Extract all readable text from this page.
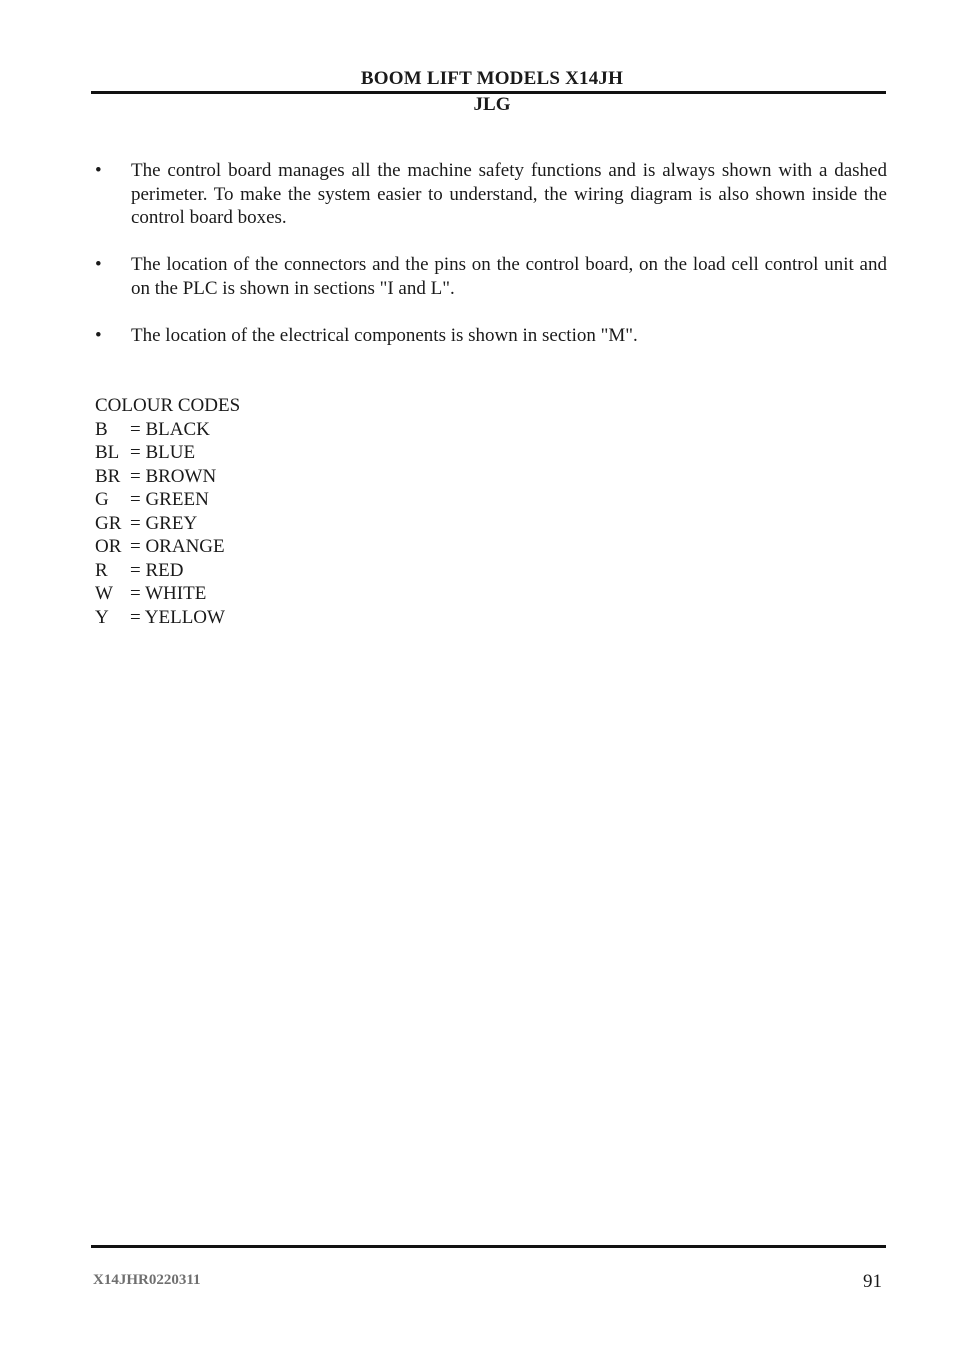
BOOM LIFT MODELS X14JH
JLG
• The control board manages all the machine safety functions and is always shown with a dashed perimeter. To make the system easier to understand, the wiring diagram is also shown inside the control board boxes.
• The location of the connectors and the pins on the control board, on the load cell control unit and on the PLC is shown in sections "I and L".
• The location of the electrical components is shown in section "M".
COLOUR CODES
B	= BLACK
BL = BLUE
BR = BROWN
G	= GREEN
GR = GREY
OR = ORANGE
R	= RED
W = WHITE
Y	= YELLOW
X14JHR0220311	91
